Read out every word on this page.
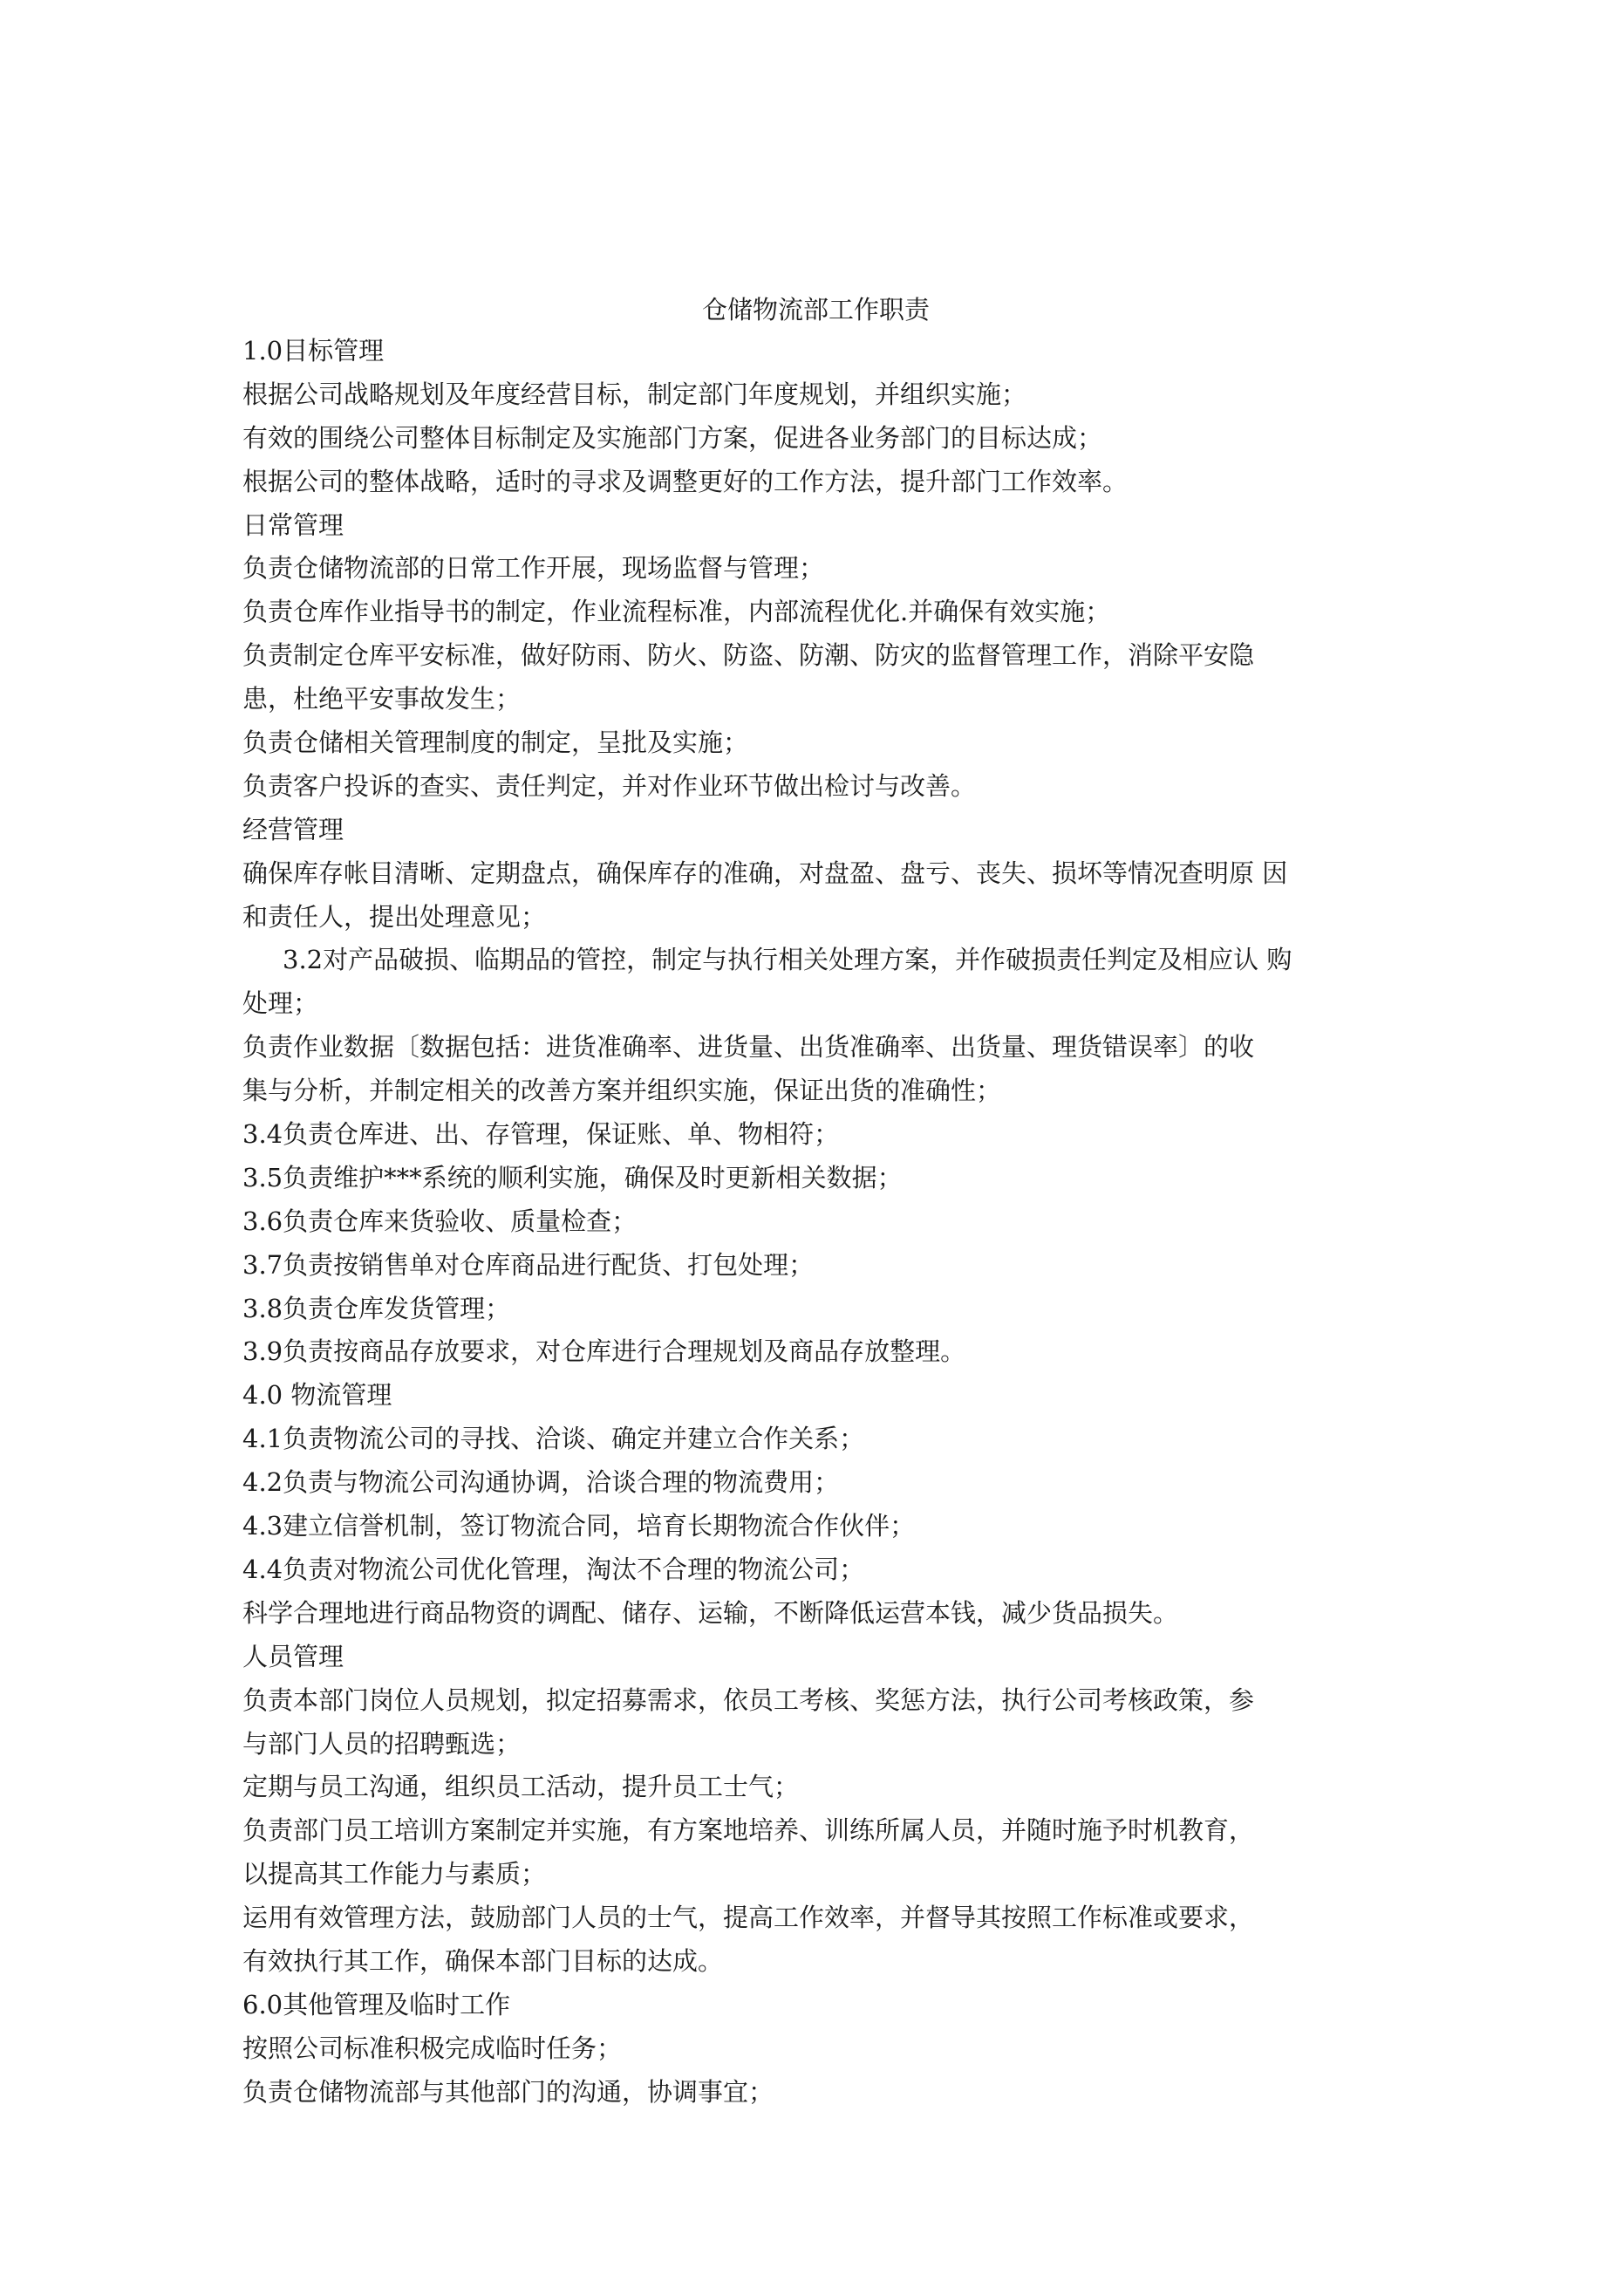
仓储物流部工作职责
1.0目标管理
根据公司战略规划及年度经营目标，制定部门年度规划，并组织实施；
有效的围绕公司整体目标制定及实施部门方案，促进各业务部门的目标达成；
根据公司的整体战略，适时的寻求及调整更好的工作方法，提升部门工作效率。
日常管理
负责仓储物流部的日常工作开展，现场监督与管理；
负责仓库作业指导书的制定，作业流程标准，内部流程优化.并确保有效实施；
负责制定仓库平安标准，做好防雨、防火、防盗、防潮、防灾的监督管理工作，消除平安隐
患，杜绝平安事故发生；
负责仓储相关管理制度的制定，呈批及实施；
负责客户投诉的查实、责任判定，并对作业环节做出检讨与改善。
经营管理
确保库存帐目清晰、定期盘点，确保库存的准确，对盘盈、盘亏、丧失、损坏等情况查明原 因
和责任人，提出处理意见；
3.2对产品破损、临期品的管控，制定与执行相关处理方案，并作破损责任判定及相应认 购
处理；
负责作业数据〔数据包括：进货准确率、进货量、出货准确率、出货量、理货错误率〕的收
集与分析，并制定相关的改善方案并组织实施，保证出货的准确性；
3.4负责仓库进、出、存管理，保证账、单、物相符；
3.5负责维护***系统的顺利实施，确保及时更新相关数据；
3.6负责仓库来货验收、质量检查；
3.7负责按销售单对仓库商品进行配货、打包处理；
3.8负责仓库发货管理；
3.9负责按商品存放要求，对仓库进行合理规划及商品存放整理。
4.0 物流管理
4.1负责物流公司的寻找、洽谈、确定并建立合作关系；
4.2负责与物流公司沟通协调，洽谈合理的物流费用；
4.3建立信誉机制，签订物流合同，培育长期物流合作伙伴；
4.4负责对物流公司优化管理，淘汰不合理的物流公司；
科学合理地进行商品物资的调配、储存、运输，不断降低运营本钱，减少货品损失。
人员管理
负责本部门岗位人员规划，拟定招募需求，依员工考核、奖惩方法，执行公司考核政策，参
与部门人员的招聘甄选；
定期与员工沟通，组织员工活动，提升员工士气；
负责部门员工培训方案制定并实施，有方案地培养、训练所属人员，并随时施予时机教育，
以提高其工作能力与素质；
运用有效管理方法，鼓励部门人员的士气，提高工作效率，并督导其按照工作标准或要求，
有效执行其工作，确保本部门目标的达成。
6.0其他管理及临时工作
按照公司标准积极完成临时任务；
负责仓储物流部与其他部门的沟通，协调事宜；
